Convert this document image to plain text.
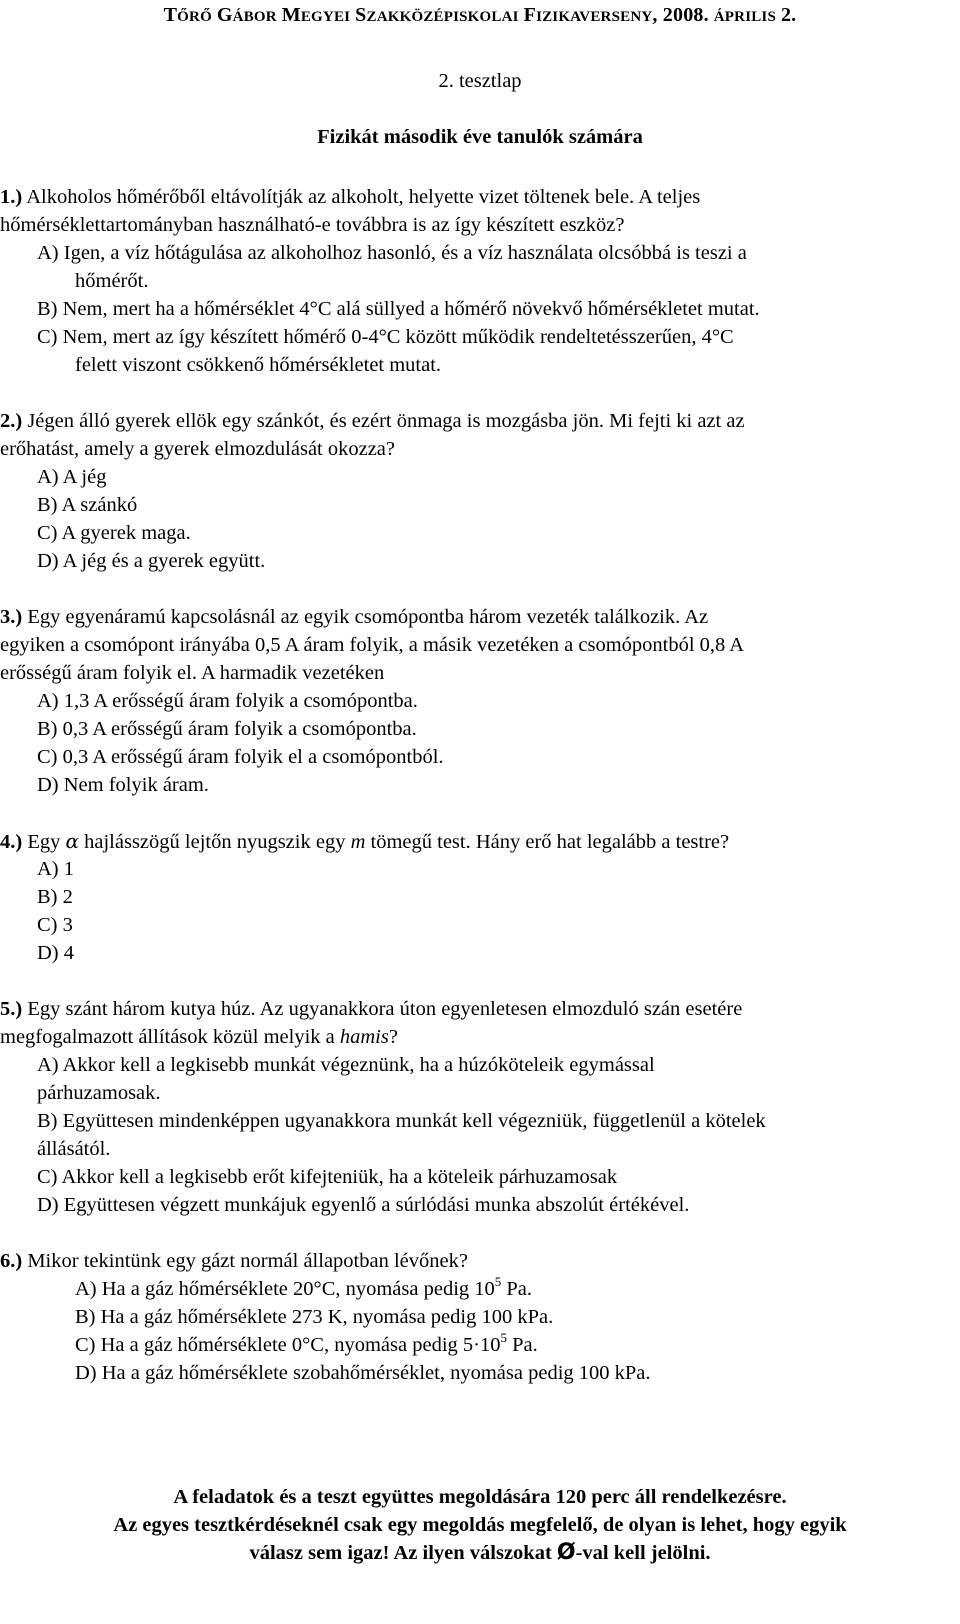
TŐRŐ GÁBOR MEGYEI SZAKKÖZÉPISKOLAI FIZIKAVERSENY, 2008. ÁPRILIS 2.
2. tesztlap
Fizikát második éve tanulók számára
1.) Alkoholos hőmérőből eltávolítják az alkoholt, helyette vizet töltenek bele. A teljes
hőmérséklettartományban használható-e továbbra is az így készített eszköz?
A) Igen, a víz hőtágulása az alkoholhoz hasonló, és a víz használata olcsóbbá is teszi a
hőmérőt.
B) Nem, mert ha a hőmérséklet 4°C alá süllyed a hőmérő növekvő hőmérsékletet mutat.
C) Nem, mert az így készített hőmérő 0-4°C között működik rendeltetésszerűen, 4°C
felett viszont csökkenő hőmérsékletet mutat.
2.) Jégen álló gyerek ellök egy szánkót, és ezért önmaga is mozgásba jön. Mi fejti ki azt az
erőhatást, amely a gyerek elmozdulását okozza?
A) A jég
B) A szánkó
C) A gyerek maga.
D) A jég és a gyerek együtt.
3.) Egy egyenáramú kapcsolásnál az egyik csomópontba három vezeték találkozik. Az
egyiken a csomópont irányába 0,5 A áram folyik, a másik vezetéken a csomópontból 0,8 A
erősségű áram folyik el. A harmadik vezetéken
A) 1,3 A erősségű áram folyik a csomópontba.
B) 0,3 A erősségű áram folyik a csomópontba.
C) 0,3 A erősségű áram folyik el a csomópontból.
D) Nem folyik áram.
4.) Egy α hajlásszögű lejtőn nyugszik egy m tömegű test. Hány erő hat legalább a testre?
A) 1
B) 2
C) 3
D) 4
5.) Egy szánt három kutya húz. Az ugyanakkora úton egyenletesen elmozduló szán esetére
megfogalmazott állítások közül melyik a hamis?
A) Akkor kell a legkisebb munkát végeznünk, ha a húzóköteleik egymással
párhuzamosak.
B) Együttesen mindenképpen ugyanakkora munkát kell végezniük, függetlenül a kötelek
állásától.
C) Akkor kell a legkisebb erőt kifejteniük, ha a köteleik párhuzamosak
D) Együttesen végzett munkájuk egyenlő a súrlódási munka abszolút értékével.
6.) Mikor tekintünk egy gázt normál állapotban lévőnek?
A) Ha a gáz hőmérséklete 20°C, nyomása pedig $10^5$ Pa.
B) Ha a gáz hőmérséklete 273 K, nyomása pedig 100 kPa.
C) Ha a gáz hőmérséklete 0°C, nyomása pedig $5\cdot 10^5$ Pa.
D) Ha a gáz hőmérséklete szobahőmérséklet, nyomása pedig 100 kPa.
A feladatok és a teszt együttes megoldására 120 perc áll rendelkezésre.
Az egyes tesztkérdéseknél csak egy megoldás megfelelő, de olyan is lehet, hogy egyik
válasz sem igaz! Az ilyen válszokat Ø-val kell jelölni.
